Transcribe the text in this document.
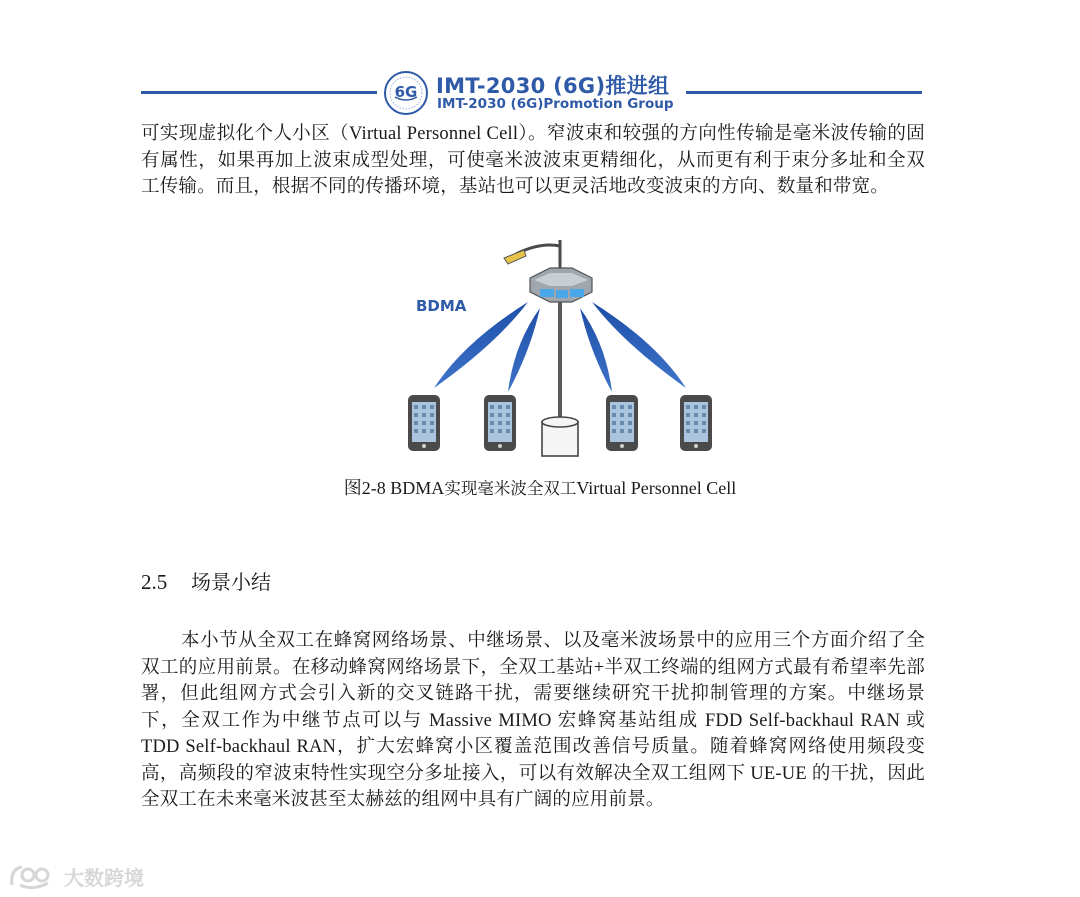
6G IMT-2030 (6G)推进组
IMT-2030 (6G)Promotion Group

可实现虚拟化个人小区（Virtual Personnel Cell）。窄波束和较强的方向性传输是毫米波传输的固有属性，如果再加上波束成型处理，可使毫米波波束更精细化，从而更有利于束分多址和全双工传输。而且，根据不同的传播环境，基站也可以更灵活地改变波束的方向、数量和带宽。

BDMA
图2-8 BDMA实现毫米波全双工Virtual Personnel Cell
2.5 场景小结

本小节从全双工在蜂窝网络场景、中继场景、以及毫米波场景中的应用三个方面介绍了全双工的应用前景。在移动蜂窝网络场景下，全双工基站+半双工终端的组网方式最有希望率先部署，但此组网方式会引入新的交叉链路干扰，需要继续研究干扰抑制管理的方案。中继场景下，全双工作为中继节点可以与 Massive MIMO 宏蜂窝基站组成 FDD Self-backhaul RAN 或 TDD Self-backhaul RAN，扩大宏蜂窝小区覆盖范围改善信号质量。随着蜂窝网络使用频段变高，高频段的窄波束特性实现空分多址接入，可以有效解决全双工组网下 UE-UE 的干扰，因此全双工在未来毫米波甚至太赫兹的组网中具有广阔的应用前景。

大数跨境
